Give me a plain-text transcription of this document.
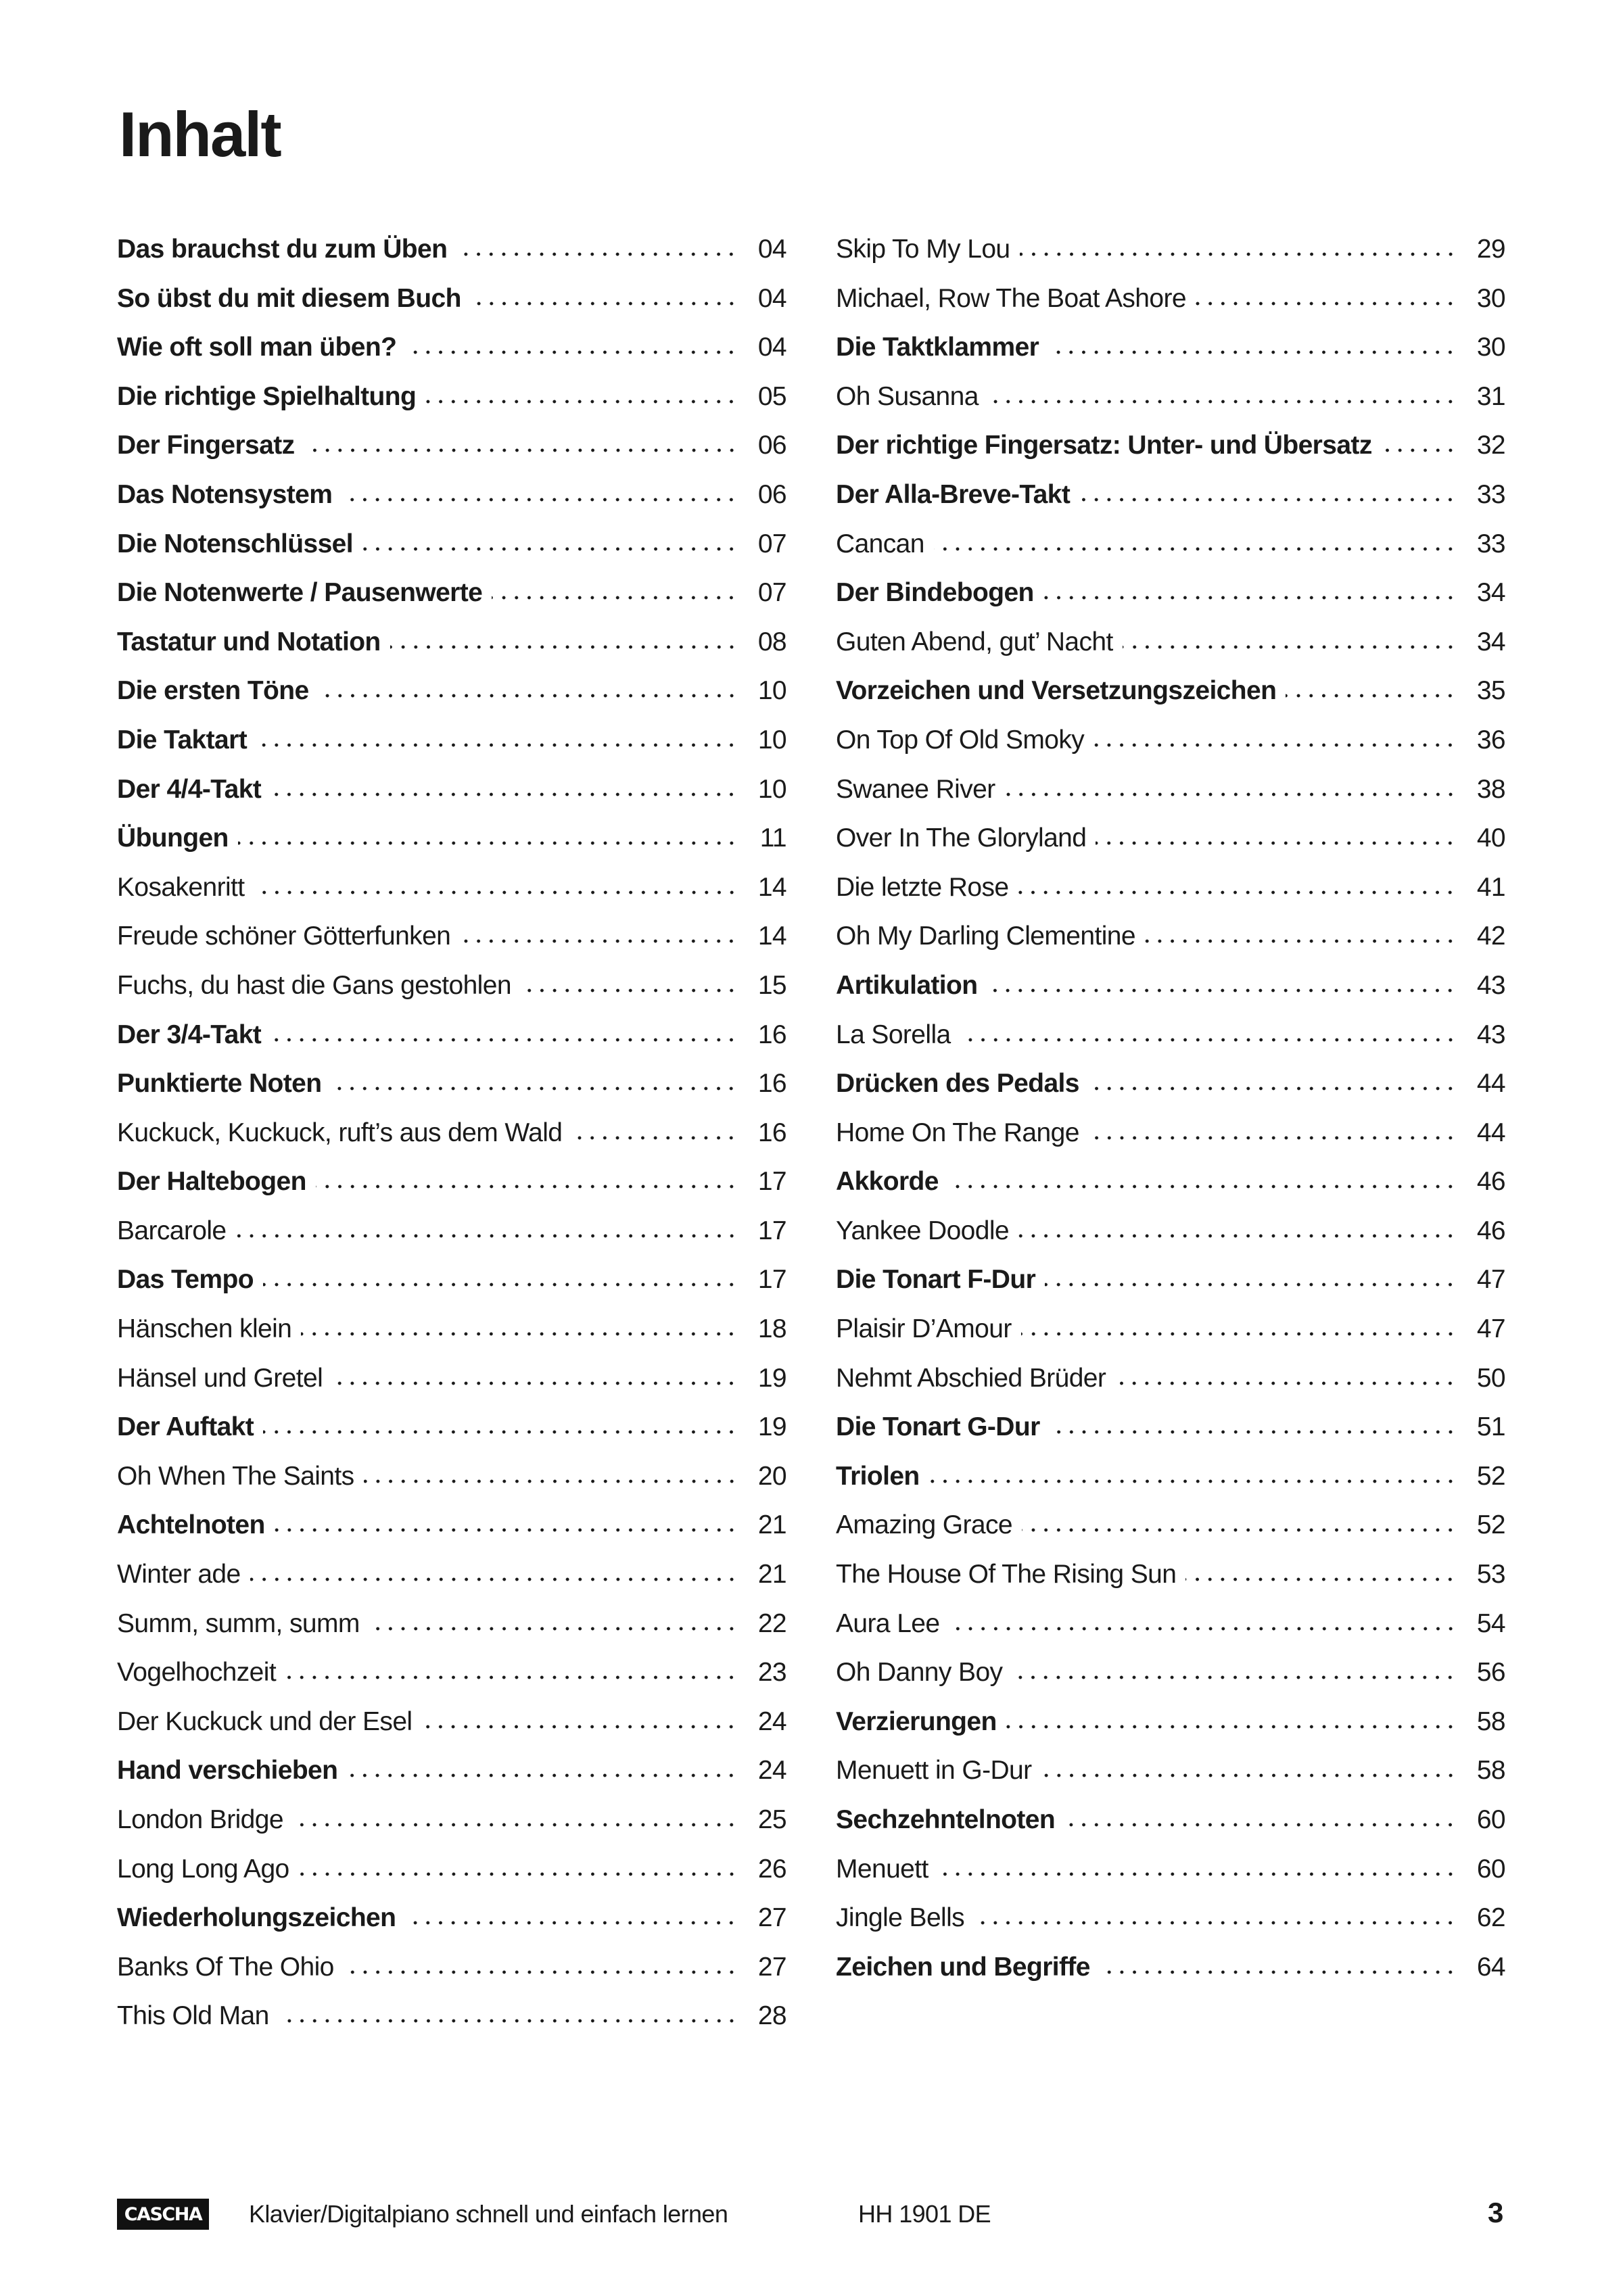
Inhalt
Das brauchst du zum Üben	04
So übst du mit diesem Buch	04
Wie oft soll man üben?	04
Die richtige Spielhaltung	05
Der Fingersatz	06
Das Notensystem	06
Die Notenschlüssel	07
Die Notenwerte / Pausenwerte	07
Tastatur und Notation	08
Die ersten Töne	10
Die Taktart	10
Der 4/4-Takt	10
Übungen	11
Kosakenritt	14
Freude schöner Götterfunken	14
Fuchs, du hast die Gans gestohlen	15
Der 3/4-Takt	16
Punktierte Noten	16
Kuckuck, Kuckuck, ruft’s aus dem Wald	16
Der Haltebogen	17
Barcarole	17
Das Tempo	17
Hänschen klein	18
Hänsel und Gretel	19
Der Auftakt	19
Oh When The Saints	20
Achtelnoten	21
Winter ade	21
Summ, summ, summ	22
Vogelhochzeit	23
Der Kuckuck und der Esel	24
Hand verschieben	24
London Bridge	25
Long Long Ago	26
Wiederholungszeichen	27
Banks Of The Ohio	27
This Old Man	28
Skip To My Lou	29
Michael, Row The Boat Ashore	30
Die Taktklammer	30
Oh Susanna	31
Der richtige Fingersatz: Unter- und Übersatz	32
Der Alla-Breve-Takt	33
Cancan	33
Der Bindebogen	34
Guten Abend, gut’ Nacht	34
Vorzeichen und Versetzungszeichen	35
On Top Of Old Smoky	36
Swanee River	38
Over In The Gloryland	40
Die letzte Rose	41
Oh My Darling Clementine	42
Artikulation	43
La Sorella	43
Drücken des Pedals	44
Home On The Range	44
Akkorde	46
Yankee Doodle	46
Die Tonart F-Dur	47
Plaisir D’Amour	47
Nehmt Abschied Brüder	50
Die Tonart G-Dur	51
Triolen	52
Amazing Grace	52
The House Of The Rising Sun	53
Aura Lee	54
Oh Danny Boy	56
Verzierungen	58
Menuett in G-Dur	58
Sechzehntelnoten	60
Menuett	60
Jingle Bells	62
Zeichen und Begriffe	64
CASCHA Klavier/Digitalpiano schnell und einfach lernen	HH 1901 DE	3
